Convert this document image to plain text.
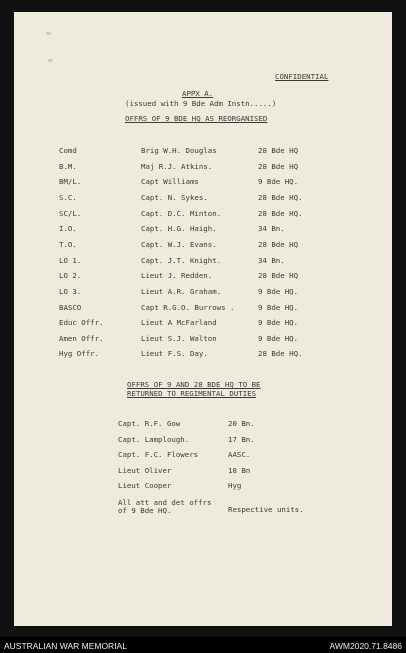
CONFIDENTIAL
APPX A.
(issued with 9 Bde Adm Instn.....)
OFFRS OF 9 BDE HQ AS REORGANISED
Comd	Brig W.H. Douglas	28 Bde HQ
B.M.	Maj R.J. Atkins.	28 Bde HQ
BM/L.	Capt Williams	9 Bde HQ.
S.C.	Capt. N. Sykes.	28 Bde HQ.
SC/L.	Capt. D.C. Minton.	28 Bde HQ.
I.O.	Capt. H.G. Haigh.	34 Bn.
T.O.	Capt. W.J. Evans.	28 Bde HQ
LO 1.	Capt. J.T. Knight.	34 Bn.
LO 2.	Lieut J. Redden.	28 Bde HQ
LO 3.	Lieut A.R. Graham.	9 Bde HQ.
BASCO	Capt R.G.O. Burrows .	9 Bde HQ.
Educ Offr.	Lieut A McFarland	9 Bde HQ.
Amen Offr.	Lieut S.J. Walton	9 Bde HQ.
Hyg Offr.	Lieut F.S. Day.	28 Bde HQ.
OFFRS OF 9 AND 28 BDE HQ TO BE
RETURNED TO REGIMENTAL DUTIES
Capt. R.F. Gow	20 Bn.
Capt. Lamplough.	17 Bn.
Capt. F.C. Flowers	AASC.
Lieut Oliver	18 Bn
Lieut Cooper	Hyg
All att and det offrs
of 9 Bde HQ.	Respective units.
AUSTRALIAN WAR MEMORIAL	AWM2020.71.8486
